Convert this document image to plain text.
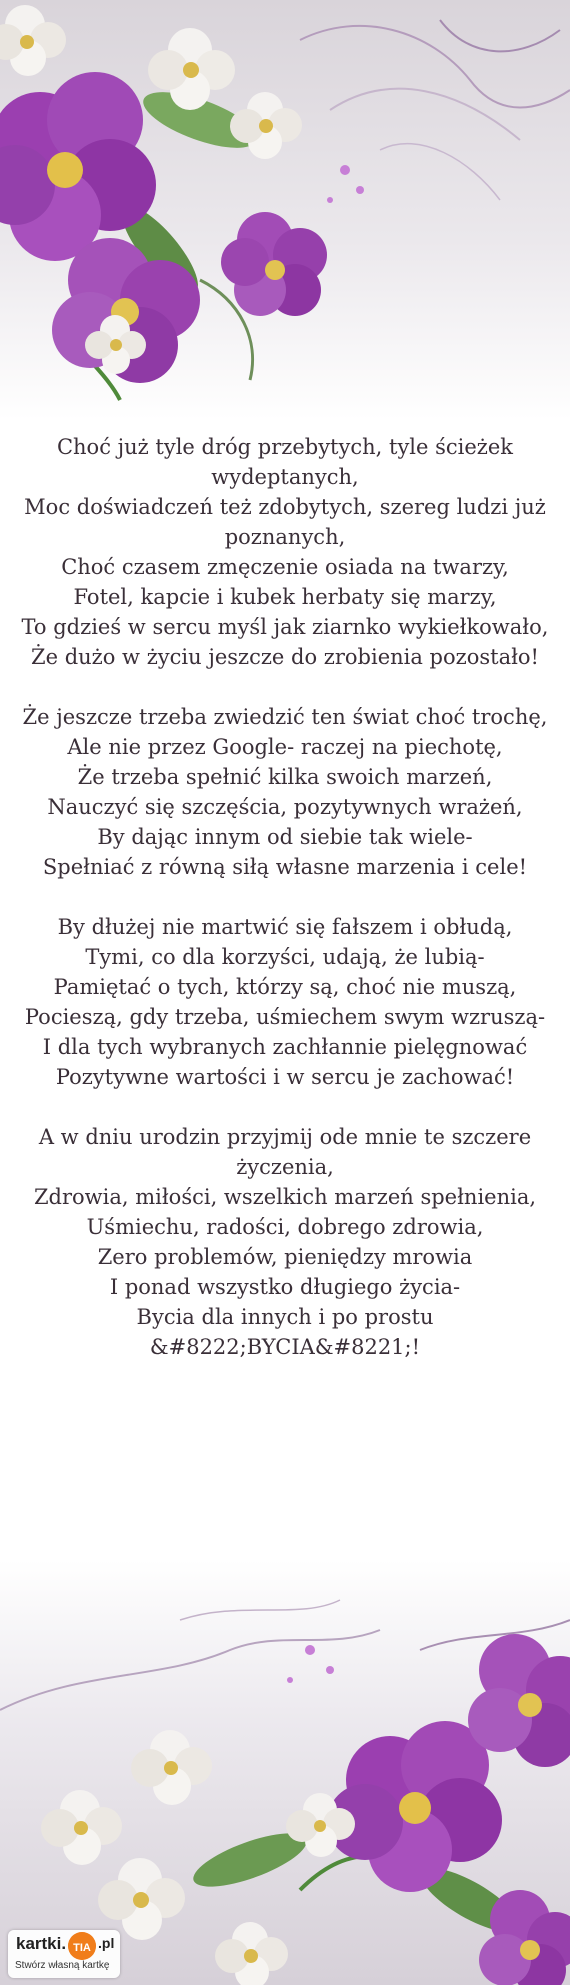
Choć już tyle dróg przebytych, tyle ścieżek
wydeptanych,
Moc doświadczeń też zdobytych, szereg ludzi już
poznanych,
Choć czasem zmęczenie osiada na twarzy,
Fotel, kapcie i kubek herbaty się marzy,
To gdzieś w sercu myśl jak ziarnko wykiełkowało,
Że dużo w życiu jeszcze do zrobienia pozostało!
Że jeszcze trzeba zwiedzić ten świat choć trochę,
Ale nie przez Google- raczej na piechotę,
Że trzeba spełnić kilka swoich marzeń,
Nauczyć się szczęścia, pozytywnych wrażeń,
By dając innym od siebie tak wiele-
Spełniać z równą siłą własne marzenia i cele!
By dłużej nie martwić się fałszem i obłudą,
Tymi, co dla korzyści, udają, że lubią-
Pamiętać o tych, którzy są, choć nie muszą,
Pocieszą, gdy trzeba, uśmiechem swym wzruszą-
I dla tych wybranych zachłannie pielęgnować
Pozytywne wartości i w sercu je zachować!
A w dniu urodzin przyjmij ode mnie te szczere
życzenia,
Zdrowia, miłości, wszelkich marzeń spełnienia,
Uśmiechu, radości, dobrego zdrowia,
Zero problemów, pieniędzy mrowia
I ponad wszystko długiego życia-
Bycia dla innych i po prostu &#8222;BYCIA&#8221;!
kartki. TIA .pl
Stwórz własną kartkę
